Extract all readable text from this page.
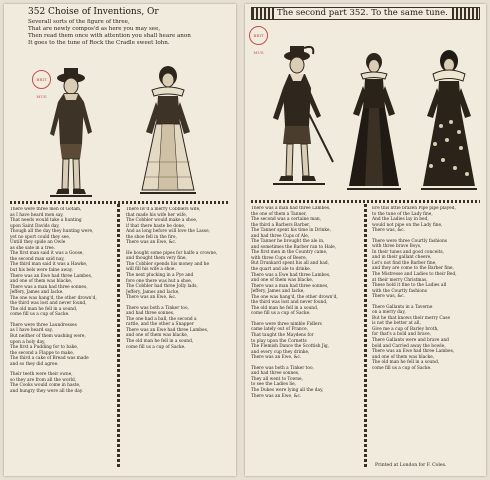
352 Choise of Inventions, Or
Severall sorts of the figure of three,
That are newly compos'd as here you may see,
Then read them once with attention you shall heare anon
It goes to the tune of Rock the Cradle sweet Iohn.
BRIT MUS

There were three men of Gotam,

as I have heard men say,

That needs would take a hunting

upon Saint Davids day,

Though all the day they hunting were,

yet no sport could they see,

Untill they spide an Owle

as she sate in a tree.

The first man said it was a Goose,

the second man said nay,

The third man said it was a Hawke,

but his bels were falne away.

There was an Ewe had three Lambes,

and one of them was blacke,

There was a man had three sonnes,

Jeffery, James and Iacke.

The one was hang'd, the other drown'd,

the third was lost and never found,

The old man he fell in a sound,

come fill us a cup of Sacke.

There were three Laundresses

as I have heard say,

But neither of them washing were,

upon a holy day,

The first a Pudding for to bake,

the second a Flappe to make,

The third a cake of Bread was made

and so they did agree.

Their teeth were their owne,

so they are from all the world,

The Cooks would come in haste,

and hungry they were all the day.

There liv'd a merry Cobblers wife,

that made his wife her wife,

The Cobbler would make a shoe,

if that there haste be done,

And as long before will love the Lasse,

the shoe fell in the fire,

There was an Ewe, &c.

He bought some pipes for halfe a crowne,

and thought them very fine,

The Cobbler spends his money and he

will fill his wife a shoe.

The next plucking in a Pye and

fore one there was but a shoe,

The Cobbler had three Jolly lads,

Jeffery, James and Iacke,

There was an Ewe, &c.

There was both a Tinker too,

and had three sonnes,

The one had a ball, the second a

rattle, and the other a Snapper

There was an Ewe had three Lambes,

and one of them was blacke,

The old man he fell in a sound,

come fill us a cup of Sacke.

The second part 352. To the same tune.
BRIT MUS

There was a man had three Lambes,

the one of them a Tanner,

The second was a certaine man,

the third a Barbers Barber,

The Tanner spent his time in Drinke,

and had three Cups of Ale,

The Tanner he brought the ale in,

and sometimes the Barber ran to Hale,

The first men in the Country came,

with three Cups of Beere,

But Drunkard spent his all and had,

the quart and ale to drinke.

There was a Ewe had three Lambes,

and one of them was blacke,

There was a man had three sonnes,

Jeffery, James and Iacke,

The one was hang'd, the other drown'd,

the third was lost and never found,

The old man he fell in a sound,

come fill us a cup of Sacke.

There were three nimble Fidlers

came lately out of France,

That taught the Maydens for

to play upon the Cornetts

The Flemish Dance the Scottish Jig,

and every cup they drinke,

There was an Ewe, &c.

There was both a Tinker too,

and had three sonnes,

They all went to Towne,

to see the Ladies lie,

The Dukes were lying all the day,

There was an Ewe, &c.

Ere this little brazen Pipe pipe played,

to the tune of the Lady fine,

And the Ladies lay in bed,

would not pipe on the Lady fine,

There was, &c.

There were three Courtly fashions

with three brave Boys,

In their tunes and good conceits,

and in their gallant cheere,

Let's not find the Barber fine,

and they are come to the Barber fine,

The Mistresse and Ladies to their Bed,

at their merry Christmas,

These hold it fine to the Ladies all

with the Courtly fashions

There was, &c.

There Gallants in a Taverne

on a merry day,

But he that knows their merry Case

is not the better at all,

Give me a cup of Barley broth,

for that's a bold and brave,

There Gallants were and brave and

bold and Carried away the bowle,

There was an Ewe had three Lambes,

and one of them was blacke,

The old man he fell in a sound,

come fill us a cup of Sacke.

Printed at London for F. Coles.
